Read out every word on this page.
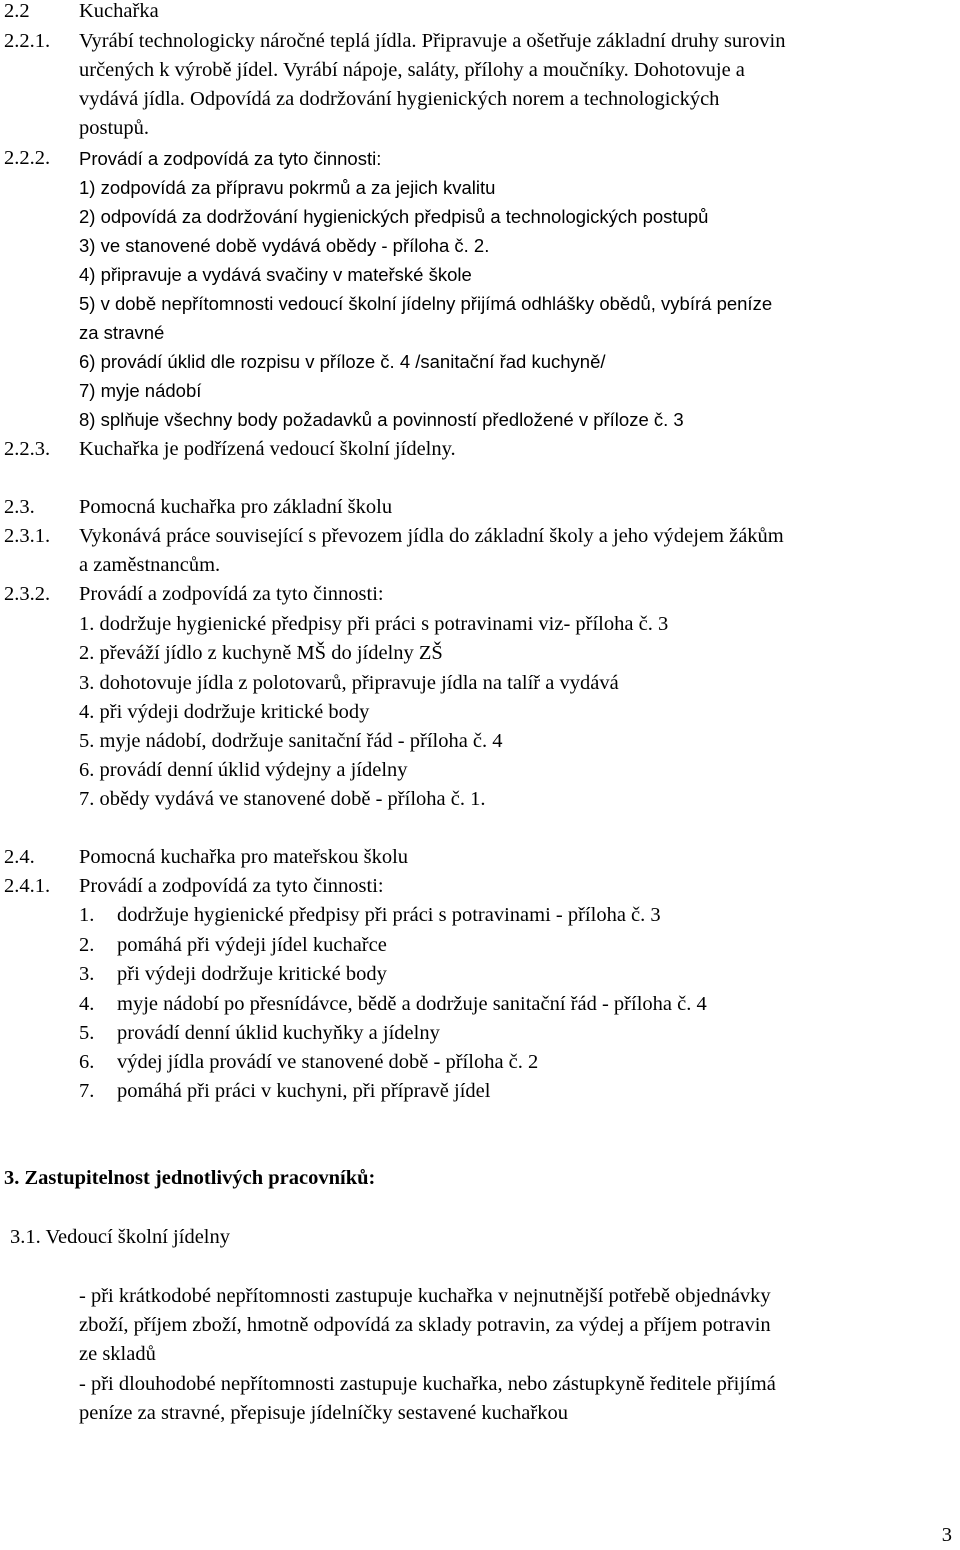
2.2 Kuchařka
2.2.1. Vyrábí technologicky náročné teplá jídla. Připravuje a ošetřuje základní druhy surovin
určených k výrobě jídel. Vyrábí nápoje, saláty, přílohy a moučníky. Dohotovuje a
vydává jídla. Odpovídá za dodržování hygienických norem a technologických
postupů.
2.2.2. Provádí a zodpovídá za tyto činnosti:
1) zodpovídá za přípravu pokrmů a za jejich kvalitu
2) odpovídá za dodržování hygienických předpisů a technologických postupů
3) ve stanovené době vydává obědy - příloha č. 2.
4) připravuje a vydává svačiny v mateřské škole
5) v době nepřítomnosti vedoucí školní jídelny přijímá odhlášky obědů, vybírá peníze
za stravné
6) provádí úklid dle rozpisu v příloze č. 4 /sanitační řad kuchyně/
7) myje nádobí
8) splňuje všechny body požadavků a povinností předložené v příloze č. 3
2.2.3. Kuchařka je podřízená vedoucí školní jídelny.
2.3. Pomocná kuchařka pro základní školu
2.3.1. Vykonává práce související s převozem jídla do základní školy a jeho výdejem žákům
a zaměstnancům.
2.3.2. Provádí a zodpovídá za tyto činnosti:
1. dodržuje hygienické předpisy při práci s potravinami viz- příloha č. 3
2. převáží jídlo z kuchyně MŠ do jídelny ZŠ
3. dohotovuje jídla z polotovarů, připravuje jídla na talíř a vydává
4. při výdeji dodržuje kritické body
5. myje nádobí, dodržuje sanitační řád - příloha č. 4
6. provádí denní úklid výdejny a jídelny
7. obědy vydává ve stanovené době - příloha č. 1.
2.4. Pomocná kuchařka pro mateřskou školu
2.4.1. Provádí a zodpovídá za tyto činnosti:
1. dodržuje hygienické předpisy při práci s potravinami - příloha č. 3
2. pomáhá při výdeji jídel kuchařce
3. při výdeji dodržuje kritické body
4. myje nádobí po přesnídávce, bědě a dodržuje sanitační řád - příloha č. 4
5. provádí denní úklid kuchyňky a jídelny
6. výdej jídla provádí ve stanovené době - příloha č. 2
7. pomáhá při práci v kuchyni, při přípravě jídel
3. Zastupitelnost jednotlivých pracovníků:
3.1. Vedoucí školní jídelny
- při krátkodobé nepřítomnosti zastupuje kuchařka v nejnutnější potřebě objednávky
zboží, příjem zboží, hmotně odpovídá za sklady potravin, za výdej a příjem potravin
ze skladů
- při dlouhodobé nepřítomnosti zastupuje kuchařka, nebo zástupkyně ředitele přijímá
peníze za stravné, přepisuje jídelníčky sestavené kuchařkou
3
